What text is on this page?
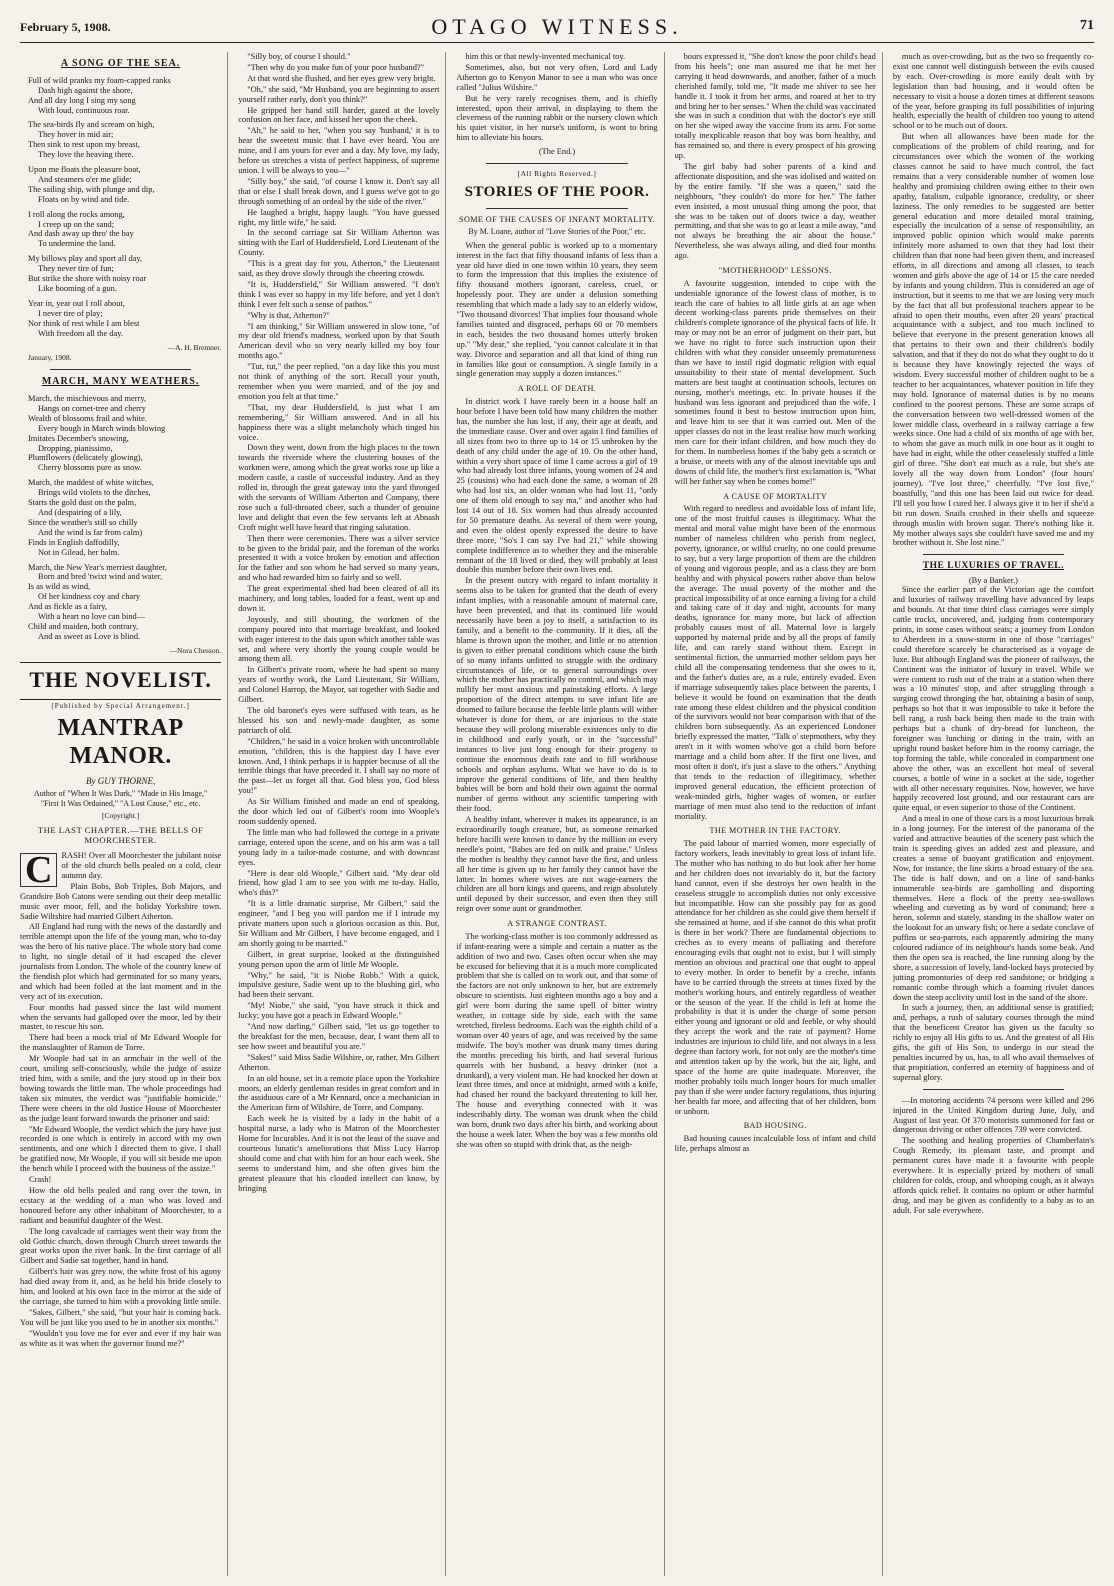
February 5, 1908.	OTAGO WITNESS.	71
A SONG OF THE SEA.
Full of wild pranks my foam-capped ranks
Dash high against the shore,
And all day long I sing my song
With loud, continuous roar.
The sea-birds fly and scream on high,
They hover in mid air;
Then sink to rest upon my breast,
They love the heaving there.
Upon me floats the pleasure boat,
And steamers o'er me glide;
The sailing ship, with plunge and dip,
Floats on by wind and tide.
I roll along the rocks among,
I creep up on the sand;
And dash away up thro' the bay
To undermine the land.
My billows play and sport all day,
They never tire of fun;
But strike the shore with noisy roar
Like booming of a gun.
Year in, year out I roll about,
I never tire of play;
Nor think of rest while I am blest
With freedom all the day.
—A. H. Bremner.
January, 1908.
MARCH, MANY WEATHERS.
March, the mischievous and merry,
Hangs on cornet-tree and cherry
Wealth of blossoms frail and white.
Every bough in March winds blowing
Imitates December's snowing,
Dropping, pianissimo,
Plumflowers (delicately glowing),
Cherry blossoms pure as snow.
March, the maddest of white witches,
Brings wild violets to the ditches,
Starts the gold dust on the palm,
And (despairing of a lily,
Since the weather's still so chilly
And the wind is far from calm)
Finds in English daffodilly,
Not in Gilead, her balm.
March, the New Year's merriest daughter,
Born and bred 'twixt wind and water,
Is as wild as wind,
Of her kindness coy and chary
And as fickle as a fairy,
With a heart no love can bind—
Child and maiden, both contrary,
And as sweet as Love is blind.
—Nora Chesson.
THE NOVELIST.
[Published by Special Arrangement.]
MANTRAP MANOR.
By GUY THORNE,
Author of "When It Was Dark," "Made in His Image," "First It Was Ordained," "A Lost Cause," etc., etc.
[Copyright.]
THE LAST CHAPTER.—THE BELLS OF MOORCHESTER.

C	RASH! Over all Moorchester the jubilant noise of the old church bells pealed on a cold, clear autumn day.

Plain Bobs, Bob Triples, Bob Majors, and Grandsire Bob Catons were sending out their deep metallic music over moor, fell, and the holiday Yorkshire town. Sadie Wiltshire had married Gilbert Atherton.

All England had rung with the news of the dastardly and terrible attempt upon the life of the young man, who to-day was the hero of his native place. The whole story had come to light, no single detail of it had escaped the clever journalists from London. The whole of the country knew of the fiendish plot which had germinated for so many years, and which had been foiled at the last moment and in the very act of its execution.

Four months had passed since the last wild moment when the servants had galloped over the moor, led by their master, to rescue his son.

There had been a mock trial of Mr Edward Woople for the manslaughter of Ramon de Torre.

Mr Woople had sat in an armchair in the well of the court, smiling self-consciously, while the judge of assize tried him, with a smile, and the jury stood up in their box bowing towards the little man. The whole proceedings had taken six minutes, the verdict was "justifiable homicide." There were cheers in the old Justice House of Moorchester as the judge leant forward towards the prisoner and said:

"Mr Edward Woople, the verdict which the jury have just recorded is one which is entirely in accord with my own sentiments, and one which I directed them to give. I shall be gratified now, Mr Woople, if you will sit beside me upon the bench while I proceed with the business of the assize."

Crash!

How the old bells pealed and rang over the town, in ecstacy at the wedding of a man who was loved and honoured before any other inhabitant of Moorchester, to a radiant and beautiful daughter of the West.

The long cavalcade of carriages went their way from the old Gothic church, down through Church street towards the great works upon the river bank. In the first carriage of all Gilbert and Sadie sat together, hand in hand.

Gilbert's hair was grey now, the white frost of his agony had died away from it, and, as he held his bride closely to him, and looked at his own face in the mirror at the side of the carriage, she turned to him with a provoking little smile.

"Sakes, Gilbert," she said, "but your hair is coming back. You will be just like you used to be in another six months."

"Wouldn't you love me for ever and ever if my hair was as white as it was when the governor found me?"

"Silly boy, of course I should."

"Then why do you make fun of your poor husband?"

At that word she flushed, and her eyes grew very bright.

"Oh," she said, "Mr Husband, you are beginning to assert yourself rather early, don't you think?"

He gripped her hand still harder, gazed at the lovely confusion on her face, and kissed her upon the cheek.

"Ah," he said to her, "when you say 'husband,' it is to hear the sweetest music that I have ever heard. You are mine, and I am yours for ever and a day. My love, my lady, before us stretches a vista of perfect happiness, of supreme union. I will be always to you—"

"Silly boy," she said, "of course I know it. Don't say all that or else I shall break down, and I guess we've got to go through something of an ordeal by the side of the river."

He laughed a bright, happy laugh. "You have guessed right, my little wife," he said.

In the second carriage sat Sir William Atherton was sitting with the Earl of Huddersfield, Lord Lieutenant of the County.

"This is a great day for you, Atherton," the Lieutenant said, as they drove slowly through the cheering crowds.

"It is, Huddersfield," Sir William answered. "I don't think I was ever so happy in my life before, and yet I don't think I ever felt such a sense of pathos."

"Why is that, Atherton?"

"I am thinking," Sir William answered in slow tone, "of my dear old friend's madness, worked upon by that South American devil who so very nearly killed my boy four months ago."

"Tut, tut," the peer replied, "on a day like this you must not think of anything of the sort. Recall your youth, remember when you were married, and of the joy and emotion you felt at that time."

"That, my dear Huddersfield, is just what I am remembering," Sir William answered. And in all his happiness there was a slight melancholy which tinged his voice.

Down they went, down from the high places to the town towards the riverside where the clustering houses of the workmen were, among which the great works rose up like a modern castle, a castle of successful industry. And as they rolled in, through the great gateway into the yard thronged with the servants of William Atherton and Company, there rose such a full-throated cheer, such a thunder of genuine love and delight that even the few servants left at Abnash Croft might well have heard that ringing salutation.

Then there were ceremonies. There was a silver service to be given to the bridal pair, and the foreman of the works presented it with a voice broken by emotion and affection for the father and son whom he had served so many years, and who had rewarded him so fairly and so well.

The great experimental shed had been cleared of all its machinery, and long tables, loaded for a feast, went up and down it.

Joyously, and still shouting, the workmen of the company poured into that marriage breakfast, and looked with eager interest to the dais upon which another table was set, and where very shortly the young couple would be among them all.

In Gilbert's private room, where he had spent so many years of worthy work, the Lord Lieutenant, Sir William, and Colonel Harrop, the Mayor, sat together with Sadie and Gilbert.

The old baronet's eyes were suffused with tears, as he blessed his son and newly-made daughter, as some patriarch of old.

"Children," he said in a voice broken with uncontrollable emotion, "children, this is the happiest day I have ever known. And, I think perhaps it is happier because of all the terrible things that have preceded it. I shall say no more of the past—let us forget all that. God bless you, God bless you!"

As Sir William finished and made an end of speaking, the door which led out of Gilbert's room into Woople's room suddenly opened.

The little man who had followed the cortege in a private carriage, entered upon the scene, and on his arm was a tall young lady in a tailor-made costume, and with downcast eyes.

"Here is dear old Woople," Gilbert said. "My dear old friend, how glad I am to see you with me to-day. Hallo, who's this?"

"It is a little dramatic surprise, Mr Gilbert," said the engineer, "and I beg you will pardon me if I intrude my private matters upon such a glorious occasion as this. But, Sir William and Mr Gilbert, I have become engaged, and I am shortly going to be married."

Gilbert, in great surprise, looked at the distinguished young person upon the arm of little Mr Woople.

"Why," he said, "it is Niobe Robb." With a quick, impulsive gesture, Sadie went up to the blushing girl, who had been their servant.

"My! Niobe," she said, "you have struck it thick and lucky; you have got a peach in Edward Woople."

"And now darling," Gilbert said, "let us go together to the breakfast for the men, because, dear, I want them all to see how sweet and beautiful you are."

"Sakes!" said Miss Sadie Wilshire, or, rather, Mrs Gilbert Atherton.

In an old house, set in a remote place upon the Yorkshire moors, an elderly gentleman resides in great comfort and in the assiduous care of a Mr Kennard, once a mechanician in the American firm of Wilshire, de Torre, and Company.

Each week he is visited by a lady in the habit of a hospital nurse, a lady who is Matron of the Moorchester Home for Incurables. And it is not the least of the suave and courteous lunatic's ameliorations that Miss Lucy Harrop should come and chat with him for an hour each week. She seems to understand him, and she often gives him the greatest pleasure that his clouded intellect can know, by bringing

him this or that newly-invented mechanical toy.

Sometimes, also, but not very often, Lord and Lady Atherton go to Kenyon Manor to see a man who was once called "Julius Wilshire."

But he very rarely recognises them, and is chiefly interested, upon their arrival, in displaying to them the cleverness of the running rabbit or the nursery clown which his quiet visitor, in her nurse's uniform, is wont to bring him to alleviate his hours.

(The End.)
[All Rights Reserved.]
STORIES OF THE POOR.
SOME OF THE CAUSES OF INFANT MORTALITY.
By M. Loane, author of "Love Stories of the Poor," etc.

When the general public is worked up to a momentary interest in the fact that fifty thousand infants of less than a year old have died in one town within 10 years, they seem to form the impression that this implies the existence of fifty thousand mothers ignorant, careless, cruel, or hopelessly poor. They are under a delusion something resembling that which made a lady say to an elderly widow, "Two thousand divorces! That implies four thousand whole families tainted and disgraced, perhaps 60 or 70 members in each, besides the two thousand homes utterly broken up." "My dear," she replied, "you cannot calculate it in that way. Divorce and separation and all that kind of thing run in families like gout or consumption. A single family in a single generation may supply a dozen instances."

A ROLL OF DEATH.

In district work I have rarely been in a house half an hour before I have been told how many children the mother has, the number she has lost, if any, their age at death, and the immediate cause. Over and over again I find families of all sizes from two to three up to 14 or 15 unbroken by the death of any child under the age of 10. On the other hand, within a very short space of time I came across a girl of 19 who had already lost three infants, young women of 24 and 25 (cousins) who had each done the same, a woman of 28 who had lost six, an older woman who had lost 11, "only one of them old enough to say ma," and another who had lost 14 out of 18. Six women had thus already accounted for 50 premature deaths. As several of them were young, and even the oldest openly expressed the desire to have three more, "So's I can say I've had 21," while showing complete indifference as to whether they and the miserable remnant of the 18 lived or died, they will probably at least double this number before their own lives end.

In the present outcry with regard to infant mortality it seems also to be taken for granted that the death of every infant implies, with a reasonable amount of maternal care, have been prevented, and that its continued life would necessarily have been a joy to itself, a satisfaction to its family, and a benefit to the community. If it dies, all the blame is thrown upon the mother, and little or no attention is given to either prenatal conditions which cause the birth of so many infants unfitted to struggle with the ordinary circumstances of life, or to general surroundings over which the mother has practically no control, and which may nullify her most anxious and painstaking efforts. A large proportion of the direct attempts to save infant life are doomed to failure because the feeble little plants will wither whatever is done for them, or are injurious to the state because they will prolong miserable existences only to die in childhood and early youth, or in the "successful" instances to live just long enough for their progeny to continue the enormous death rate and to fill workhouse schools and orphan asylums. What we have to do is to improve the general conditions of life, and then healthy babies will be born and hold their own against the normal number of germs without any scientific tampering with their food.

A healthy infant, wherever it makes its appearance, is an extraordinarily tough creature, but, as someone remarked before bacilli were known to dance by the million on every needle's point, "Babes are fed on milk and praise." Unless the mother is healthy they cannot have the first, and unless all her time is given up to her family they cannot have the latter. In homes where wives are not wage-earners the children are all born kings and queens, and reign absolutely until deposed by their successor, and even then they still reign over some aunt or grandmother.

A STRANGE CONTRAST.

The working-class mother is too commonly addressed as if infant-rearing were a simple and certain a matter as the addition of two and two. Cases often occur when she may be excused for believing that it is a much more complicated problem that she is called on to work out, and that some of the factors are not only unknown to her, but are extremely obscure to scientists. Just eighteen months ago a boy and a girl were born during the same spell of bitter wintry weather, in cottage side by side, each with the same wretched, fireless bedrooms. Each was the eighth child of a woman over 40 years of age, and was received by the same midwife. The boy's mother was drunk many times during the months preceding his birth, and had several furious quarrels with her husband, a heavy drinker (not a drunkard), a very violent man. He had knocked her down at least three times, and once at midnight, armed with a knife, had chased her round the backyard threatening to kill her. The house and everything connected with it was indescribably dirty. The woman was drunk when the child was born, drunk two days after his birth, and working about the house a week later. When the boy was a few months old she was often so stupid with drink that, as the neigh-

bours expressed it, "She don't know the poor child's head from his heels"; one man assured me that he met her carrying it head downwards, and another, father of a much cherished family, told me, "It made me shiver to see her handle it. I took it from her arms, and roared at her to try and bring her to her senses." When the child was vaccinated she was in such a condition that with the doctor's eye still on her she wiped away the vaccine from its arm. For some totally inexplicable reason that boy was born healthy, and has remained so, and there is every prospect of his growing up.

The girl baby had sober parents of a kind and affectionate disposition, and she was idolised and waited on by the entire family. "If she was a queen," said the neighbours, "they couldn't do more for her." The father even insisted, a most unusual thing among the poor, that she was to be taken out of doors twice a day, weather permitting, and that she was to go at least a mile away, "and not always be breathing the air about the house." Nevertheless, she was always ailing, and died four months ago.

"MOTHERHOOD" LESSONS.

A favourite suggestion, intended to cope with the undeniable ignorance of the lowest class of mother, is to teach the care of babies to all little girls at an age when decent working-class parents pride themselves on their children's complete ignorance of the physical facts of life. It may or may not be an error of judgment on their part, but we have no right to force such instruction upon their children with what they consider unseemly prematureness than we have to instil rigid dogmatic religion with equal unsuitability to their state of mental development. Such matters are best taught at continuation schools, lectures on nursing, mother's meetings, etc. In private houses if the husband was less ignorant and prejudiced than the wife, I sometimes found it best to bestow instruction upon him, and leave him to see that it was carried out. Men of the upper classes do not in the least realise how much working men care for their infant children, and how much they do for them. In numberless homes if the baby gets a scratch or a bruise, or meets with any of the almost inevitable ups and downs of child life, the mother's first exclamation is, "What will her father say when he comes home!"

A CAUSE OF MORTALITY

With regard to needless and avoidable loss of infant life, one of the most fruitful causes is illegitimacy. What the mental and moral value might have been of the enormous number of nameless children who perish from neglect, poverty, ignorance, or wilful cruelty, no one could presume to say, but a very large proportion of them are the children of young and vigorous people, and as a class they are born healthy and with physical powers rather above than below the average. The usual poverty of the mother and the practical impossibility of at once earning a living for a child and taking care of it day and night, accounts for many deaths, ignorance for many more, but lack of affection probably causes most of all. Maternal love is largely supported by maternal pride and by all the props of family life, and can rarely stand without them. Except in sentimental fiction, the unmarried mother seldom pays her child all the compensating tenderness that she owes to it, and the father's duties are, as a rule, entirely evaded. Even if marriage subsequently takes place between the parents, I believe it would be found on examination that the death rate among these eldest children and the physical condition of the survivors would not bear comparison with that of the children born subsequently. As an experienced Londoner briefly expressed the matter, "Talk o' stepmothers, why they aren't in it with women who've got a child born before marriage and a child born after. If the first one lives, and most often it don't, it's just a slave to the others." Anything that tends to the reduction of illegitimacy, whether improved general education, the efficient protection of weak-minded girls, higher wages of women, or earlier marriage of men must also tend to the reduction of infant mortality.

THE MOTHER IN THE FACTORY.

The paid labour of married women, more especially of factory workers, leads inevitably to great loss of infant life. The mother who has nothing to do but look after her home and her children does not invariably do it, but the factory hand cannot, even if she destroys her own health in the ceaseless struggle to accomplish duties not only excessive but incompatible. How can she possibly pay for as good attendance for her children as she could give them herself if she remained at home, and if she cannot do this what profit is there in her work? There are fundamental objections to creches as to every means of palliating and therefore encouraging evils that ought not to exist, but I will simply mention an obvious and practical one that ought to appeal to every mother. In order to benefit by a creche, infants have to be carried through the streets at times fixed by the mother's working hours, and entirely regardless of weather or the season of the year. If the child is left at home the probability is that it is under the charge of some person either young and ignorant or old and feeble, or why should they accept the work and the rate of payment? Home industries are injurious to child life, and not always in a less degree than factory work, for not only are the mother's time and attention taken up by the work, but the air, light, and space of the home are quite inadequate. Moreover, the mother probably toils much longer hours for much smaller pay than if she were under factory regulations, thus injuring her health far more, and affecting that of her children, born or unborn.

BAD HOUSING.

Bad housing causes incalculable loss of infant and child life, perhaps almost as

much as over-crowding, but as the two so frequently co-exist one cannot well distinguish between the evils caused by each. Over-crowding is more easily dealt with by legislation than bad housing, and it would often be necessary to visit a house a dozen times at different seasons of the year, before grasping its full possibilities of injuring health, especially the health of children too young to attend school or to be much out of doors.

But when all allowances have been made for the complications of the problem of child rearing, and for circumstances over which the women of the working classes cannot be said to have much control, the fact remains that a very considerable number of women lose healthy and promising children owing either to their own apathy, fatalism, culpable ignorance, credulity, or sheer laziness. The only remedies to be suggested are better general education and more detailed moral training, especially the inculcation of a sense of responsibility, an improved public opinion which would make parents infinitely more ashamed to own that they had lost their children than that none had been given them, and increased efforts, in all directions and among all classes, to teach women and girls above the age of 14 or 15 the care needed by infants and young children. This is considered an age of instruction, but it seems to me that we are losing very much by the fact that all but professional teachers appear to be afraid to open their mouths, even after 20 years' practical acquaintance with a subject, and too much inclined to believe that everyone in the present generation knows all that pertains to their own and their children's bodily salvation, and that if they do not do what they ought to do it is because they have knowingly rejected the ways of wisdom. Every successful mother of children ought to be a teacher to her acquaintances, whatever position in life they may hold. Ignorance of maternal duties is by no means confined to the poorest persons. These are some scraps of the conversation between two well-dressed women of the lower middle class, overheard in a railway carriage a few weeks since. One had a child of six months of age with her, to whom she gave as much milk in one hour as it ought to have had in eight, while the other ceaselessly stuffed a little girl of three. "She don't eat much as a rule, but she's ate lovely all the way down from London" (four hours' journey). "I've lost three," cheerfully. "I've lost five," boastfully, "and this one has been laid out twice for dead. I'll tell you how I cured her. I always give it to her if she'd a bit run down. Snails crushed in their shells and squeeze through muslin with brown sugar. There's nothing like it. My mother always says she couldn't have saved me and my brother without it. She lost nine."

THE LUXURIES OF TRAVEL.
(By a Banker.)

Since the earlier part of the Victorian age the comfort and luxuries of railway travelling have advanced by leaps and bounds. At that time third class carriages were simply cattle trucks, uncovered, and, judging from contemporary prints, in some cases without seats; a journey from London to Aberdeen in a snow-storm in one of those "carriages" could therefore scarcely be characterised as a voyage de luxe. But although England was the pioneer of railways, the Continent was the initiator of luxury in travel. While we were content to rush out of the train at a station when there was a 10 minutes' stop, and after struggling through a surging crowd thronging the bar, obtaining a basin of soup, perhaps so hot that it was impossible to take it before the bell rang, a rush back being then made to the train with perhaps but a chunk of dry-bread for luncheon, the foreigner was lunching or dining in the train, with an upright round basket before him in the roomy carriage, the top forming the table, while concealed in compartment one above the other, was an excellent hot meal of several courses, a bottle of wine in a socket at the side, together with all other necessary requisites. Now, however, we have happily recovered lost ground, and our restaurant cars are quite equal, or even superior to those of the Continent.

And a meal in one of those cars is a most luxurious break in a long journey. For the interest of the panorama of the varied and attractive beauties of the scenery past which the train is speeding gives an added zest and pleasure, and creates a sense of buoyant gratification and enjoyment. Now, for instance, the line skirts a broad estuary of the sea. The tide is half down, and on a line of sand-banks innumerable sea-birds are gambolling and disporting themselves. Here a flock of the pretty sea-swallows wheeling and curveting as by word of command; here a heron, solemn and stately, standing in the shallow water on the lookout for an unwary fish; or here a sedate conclave of puffins or sea-parrots, each apparently admiring the many coloured radiance of its neighbour's hands some beak. And then the open sea is reached, the line running along by the shore, a succession of lovely, land-locked bays protected by jutting promontories of deep red sandstone; or bridging a romantic combe through which a foaming rivulet dances down the steep acclivity until lost in the sand of the shore.

In such a journey, then, an additional sense is gratified; and, perhaps, a rush of salutary courses through the mind that the beneficent Creator has given us the faculty so richly to enjoy all His gifts to us. And the greatest of all His gifts, the gift of His Son, to undergo in our stead the penalties incurred by us, has, to all who avail themselves of that propitiation, conferred an eternity of happiness and of supernal glory.

—In motoring accidents 74 persons were killed and 296 injured in the United Kingdom during June, July, and August of last year. Of 370 motorists summoned for fast or dangerous driving or other offences 739 were convicted.

The soothing and healing properties of Chamberlain's Cough Remedy, its pleasant taste, and prompt and permanent cures have made it a favourite with people everywhere. It is especially prized by mothers of small children for colds, croup, and whooping cough, as it always affords quick relief. It contains no opium or other harmful drug, and may be given as confidently to a baby as to an adult. For sale everywhere.
